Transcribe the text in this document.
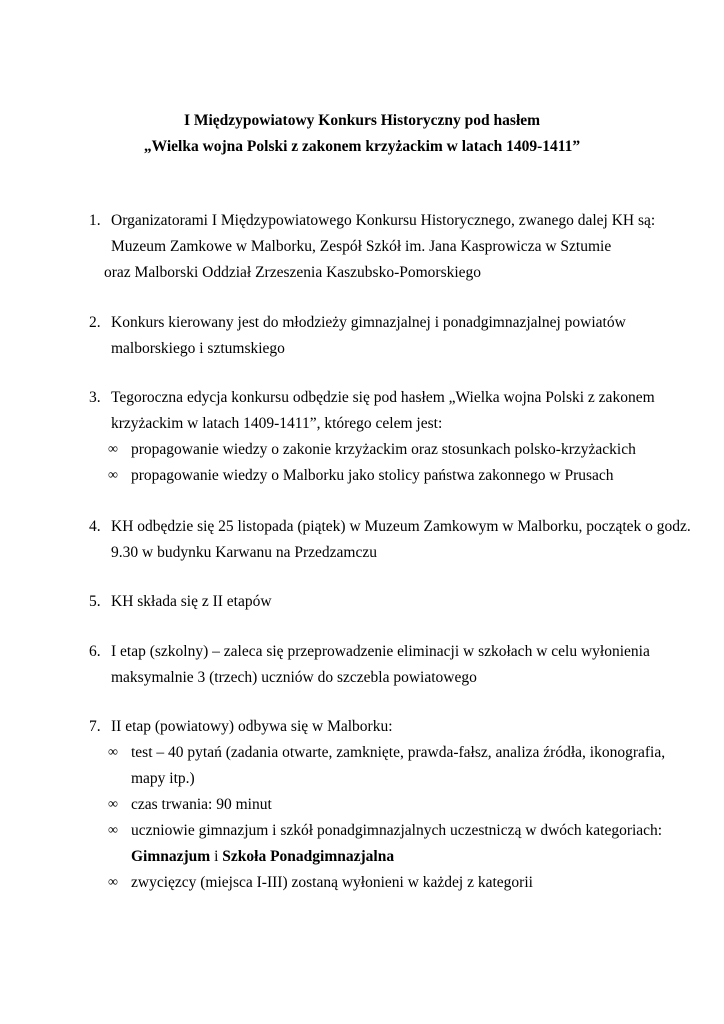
I Międzypowiatowy Konkurs Historyczny pod hasłem
„Wielka wojna Polski z zakonem krzyżackim w latach 1409-1411”
1. Organizatorami I Międzypowiatowego Konkursu Historycznego, zwanego dalej KH są:
Muzeum Zamkowe w Malborku, Zespół Szkół im. Jana Kasprowicza w Sztumie
oraz Malborski Oddział Zrzeszenia Kaszubsko-Pomorskiego
2. Konkurs kierowany jest do młodzieży gimnazjalnej i ponadgimnazjalnej powiatów
malborskiego i sztumskiego
3. Tegoroczna edycja konkursu odbędzie się pod hasłem „Wielka wojna Polski z zakonem
krzyżackim w latach 1409-1411”, którego celem jest:
∞ propagowanie wiedzy o zakonie krzyżackim oraz stosunkach polsko-krzyżackich
∞ propagowanie wiedzy o Malborku jako stolicy państwa zakonnego w Prusach
4. KH odbędzie się 25 listopada (piątek) w Muzeum Zamkowym w Malborku, początek o godz.
9.30 w budynku Karwanu na Przedzamczu
5. KH składa się z II etapów
6. I etap (szkolny) – zaleca się przeprowadzenie eliminacji w szkołach w celu wyłonienia
maksymalnie 3 (trzech) uczniów do szczebla powiatowego
7. II etap (powiatowy) odbywa się w Malborku:
∞ test – 40 pytań (zadania otwarte, zamknięte, prawda-fałsz, analiza źródła, ikonografia,
mapy itp.)
∞ czas trwania: 90 minut
∞ uczniowie gimnazjum i szkół ponadgimnazjalnych uczestniczą w dwóch kategoriach:
Gimnazjum i Szkoła Ponadgimnazjalna
∞ zwycięzcy (miejsca I-III) zostaną wyłonieni w każdej z kategorii
